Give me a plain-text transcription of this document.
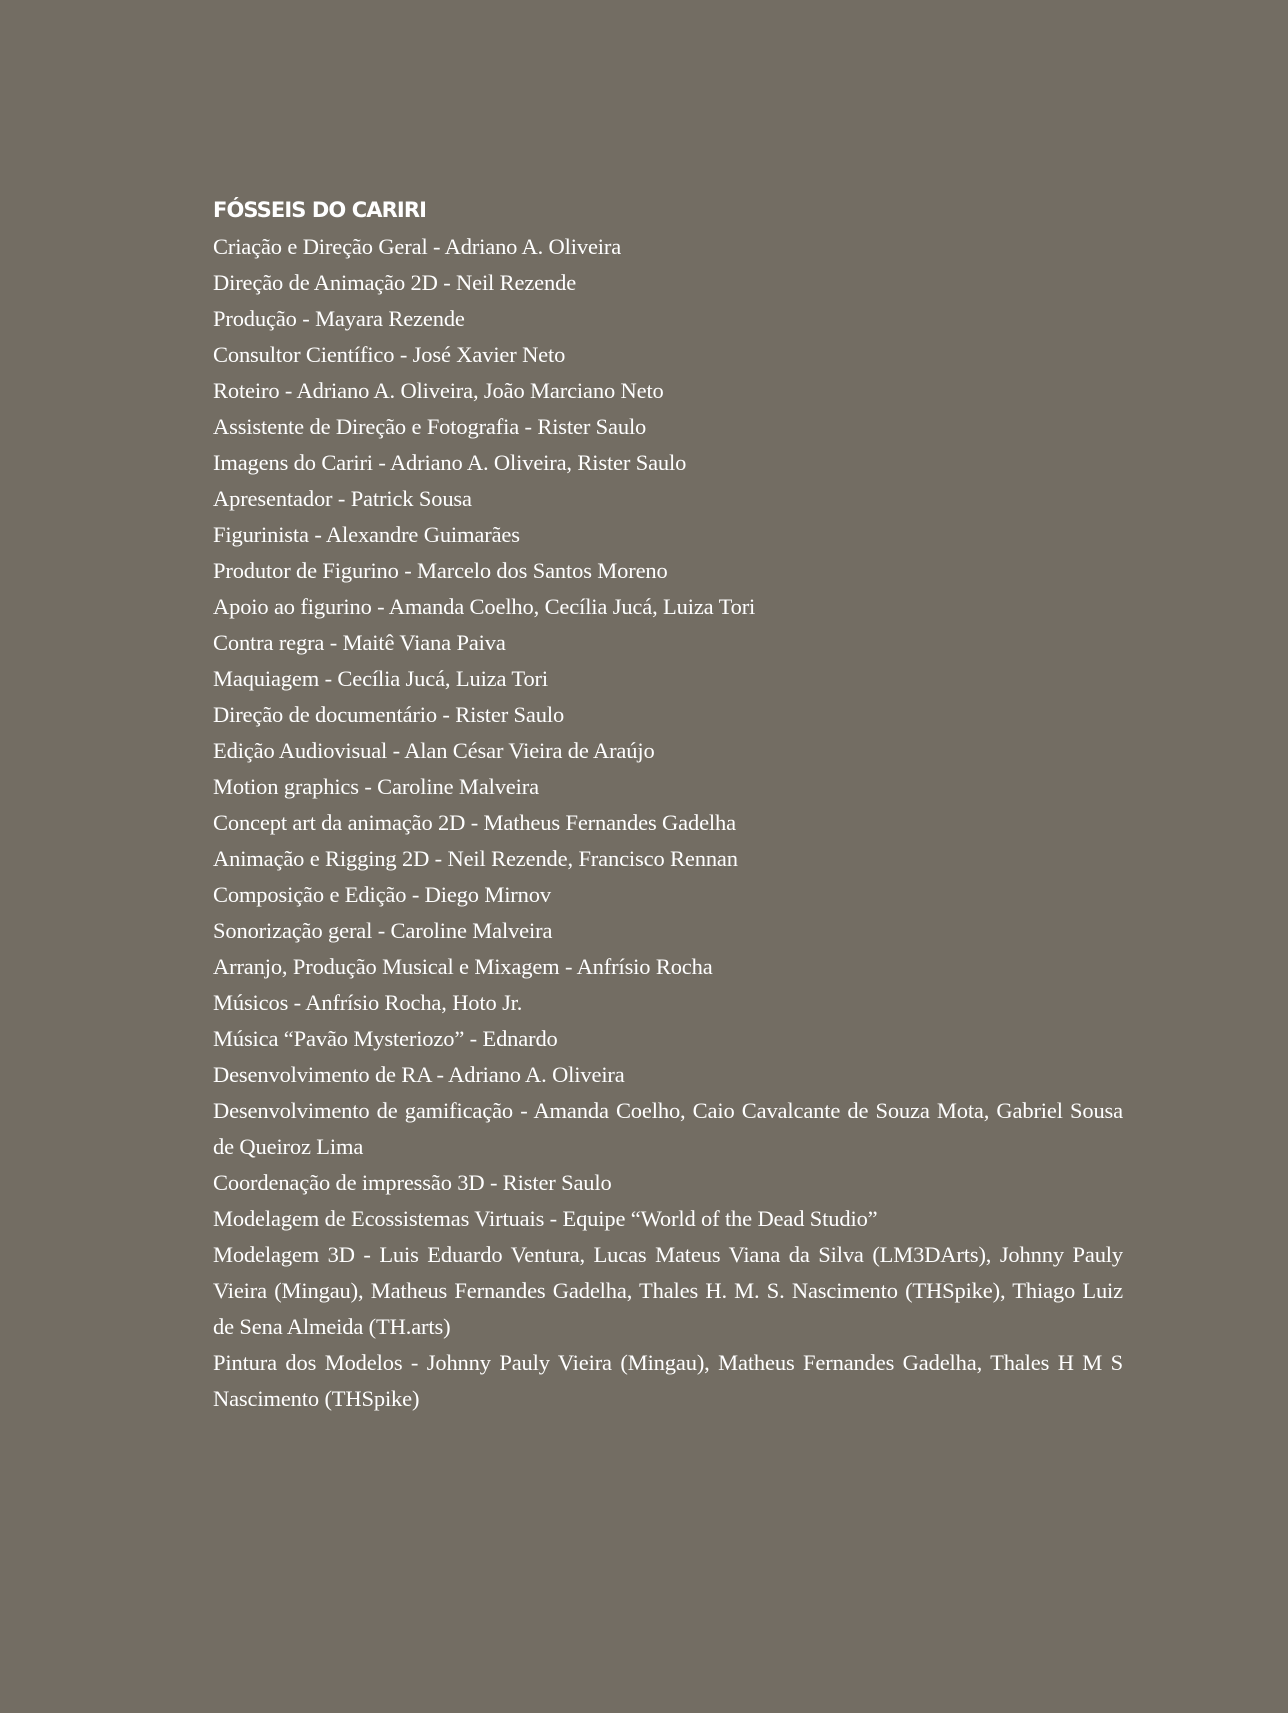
FÓSSEIS DO CARIRI
Criação e Direção Geral - Adriano A. Oliveira
Direção de Animação 2D - Neil Rezende
Produção - Mayara Rezende
Consultor Científico - José Xavier Neto
Roteiro - Adriano A. Oliveira, João Marciano Neto
Assistente de Direção e Fotografia - Rister Saulo
Imagens do Cariri - Adriano A. Oliveira, Rister Saulo
Apresentador - Patrick Sousa
Figurinista - Alexandre Guimarães
Produtor de Figurino - Marcelo dos Santos Moreno
Apoio ao figurino - Amanda Coelho, Cecília Jucá, Luiza Tori
Contra regra - Maitê Viana Paiva
Maquiagem - Cecília Jucá, Luiza Tori
Direção de documentário - Rister Saulo
Edição Audiovisual - Alan César Vieira de Araújo
Motion graphics - Caroline Malveira
Concept art da animação 2D - Matheus Fernandes Gadelha
Animação e Rigging 2D - Neil Rezende, Francisco Rennan
Composição e Edição - Diego Mirnov
Sonorização geral - Caroline Malveira
Arranjo, Produção Musical e Mixagem - Anfrísio Rocha
Músicos - Anfrísio Rocha, Hoto Jr.
Música “Pavão Mysteriozo” - Ednardo
Desenvolvimento de RA - Adriano A. Oliveira
Desenvolvimento de gamificação - Amanda Coelho, Caio Cavalcante de Souza Mota, Gabriel Sousa de Queiroz Lima
Coordenação de impressão 3D - Rister Saulo
Modelagem de Ecossistemas Virtuais - Equipe “World of the Dead Studio”
Modelagem 3D - Luis Eduardo Ventura, Lucas Mateus Viana da Silva (LM3DArts), Johnny Pauly Vieira (Mingau), Matheus Fernandes Gadelha, Thales H. M. S. Nascimento (THSpike), Thiago Luiz de Sena Almeida (TH.arts)
Pintura dos Modelos - Johnny Pauly Vieira (Mingau), Matheus Fernandes Gadelha, Thales H M S Nascimento (THSpike)
